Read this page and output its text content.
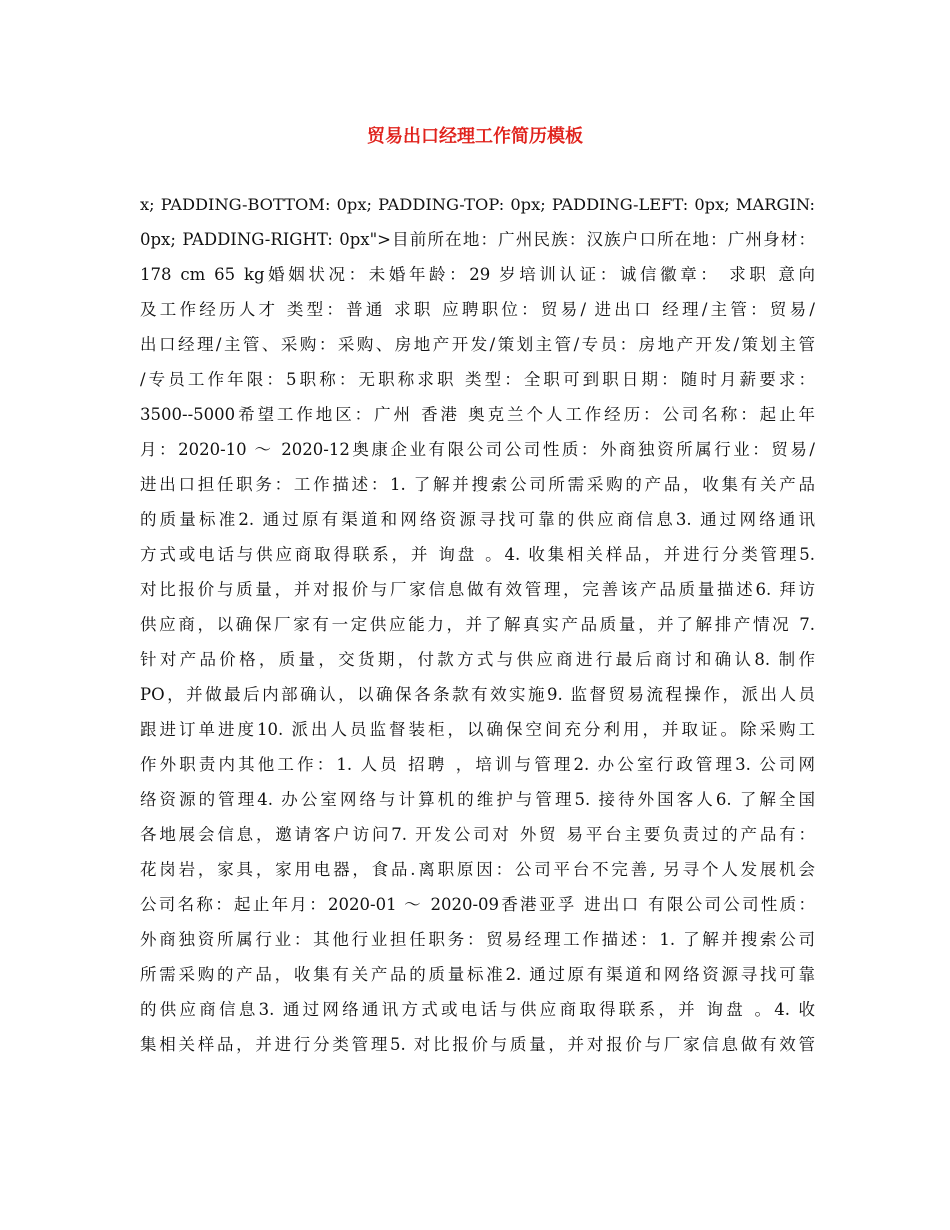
贸易出口经理工作简历模板
x; PADDING-BOTTOM: 0px; PADDING-TOP: 0px; PADDING-LEFT: 0px; MARGIN:
0px; PADDING-RIGHT: 0px">目前所在地：广州民族：汉族户口所在地：广州身材：
178 cm 65 kg婚姻状况：未婚年龄：29 岁培训认证：诚信徽章： 求职 意向
及工作经历人才 类型：普通 求职 应聘职位：贸易/ 进出口 经理/主管：贸易/
出口经理/主管、采购：采购、房地产开发/策划主管/专员：房地产开发/策划主管
/专员工作年限：5职称：无职称求职 类型：全职可到职日期：随时月薪要求：
3500--5000希望工作地区：广州 香港 奥克兰个人工作经历：公司名称：起止年
月：2020-10 ～ 2020-12奥康企业有限公司公司性质：外商独资所属行业：贸易/
进出口担任职务：工作描述：1. 了解并搜索公司所需采购的产品，收集有关产品
的质量标准2. 通过原有渠道和网络资源寻找可靠的供应商信息3. 通过网络通讯
方式或电话与供应商取得联系，并 询盘 。4. 收集相关样品，并进行分类管理5.
对比报价与质量，并对报价与厂家信息做有效管理，完善该产品质量描述6. 拜访
供应商，以确保厂家有一定供应能力，并了解真实产品质量，并了解排产情况 7.
针对产品价格，质量，交货期，付款方式与供应商进行最后商讨和确认8. 制作
PO，并做最后内部确认，以确保各条款有效实施9. 监督贸易流程操作，派出人员
跟进订单进度10. 派出人员监督装柜，以确保空间充分利用，并取证。除采购工
作外职责内其他工作：1. 人员 招聘 ，培训与管理2. 办公室行政管理3. 公司网
络资源的管理4. 办公室网络与计算机的维护与管理5. 接待外国客人6. 了解全国
各地展会信息，邀请客户访问7. 开发公司对 外贸 易平台主要负责过的产品有：
花岗岩，家具，家用电器，食品.离职原因：公司平台不完善, 另寻个人发展机会
公司名称：起止年月：2020-01 ～ 2020-09香港亚孚 进出口 有限公司公司性质：
外商独资所属行业：其他行业担任职务：贸易经理工作描述：1. 了解并搜索公司
所需采购的产品，收集有关产品的质量标准2. 通过原有渠道和网络资源寻找可靠
的供应商信息3. 通过网络通讯方式或电话与供应商取得联系，并 询盘 。4. 收
集相关样品，并进行分类管理5. 对比报价与质量，并对报价与厂家信息做有效管
